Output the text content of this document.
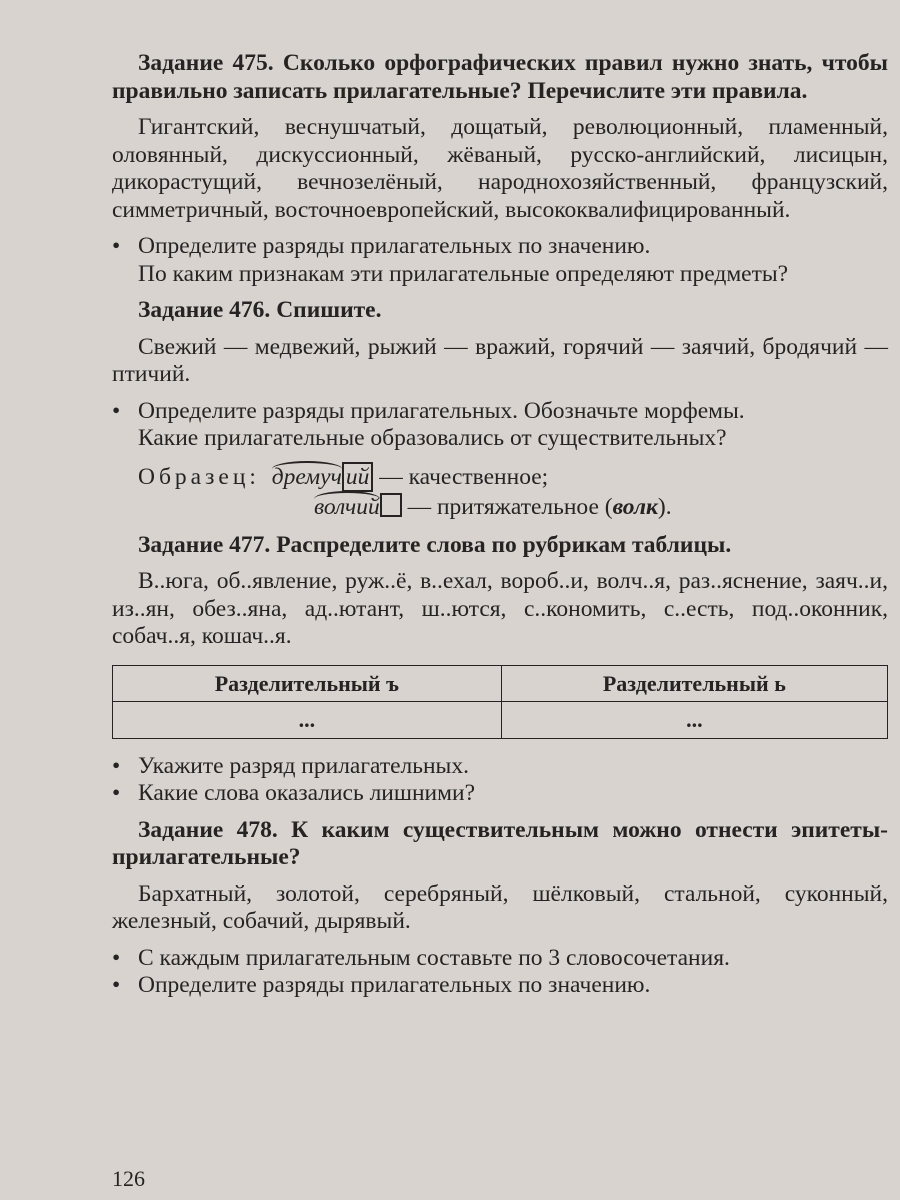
Задание 475. Сколько орфографических правил нужно знать, чтобы правильно записать прилагательные? Перечислите эти правила.

Гигантский, веснушчатый, дощатый, революционный, пламенный, оловянный, дискуссионный, жёваный, русско-английский, лисицын, дикорастущий, вечнозелёный, народнохозяйственный, французский, симметричный, восточноевропейский, высококвалифицированный.

• Определите разряды прилагательных по значению.

По каким признакам эти прилагательные определяют предметы?

Задание 476. Спишите.

Свежий — медвежий, рыжий — вражий, горячий — заячий, бродячий — птичий.

• Определите разряды прилагательных. Обозначьте морфемы.

Какие прилагательные образовались от существительных?

Образец: дремуч ий — качественное;
волчий — притяжательное (волк).

Задание 477. Распределите слова по рубрикам таблицы.

В..юга, об..явление, руж..ё, в..ехал, вороб..и, волч..я, раз..яснение, заяч..и, из..ян, обез..яна, ад..ютант, ш..ются, с..кономить, с..есть, под..оконник, собач..я, кошач..я.

Разделительный ъ	Разделительный ь
...	...

• Укажите разряд прилагательных.

• Какие слова оказались лишними?

Задание 478. К каким существительным можно отнести эпитеты-прилагательные?

Бархатный, золотой, серебряный, шёлковый, стальной, суконный, железный, собачий, дырявый.

• С каждым прилагательным составьте по 3 словосочетания.

• Определите разряды прилагательных по значению.

126
